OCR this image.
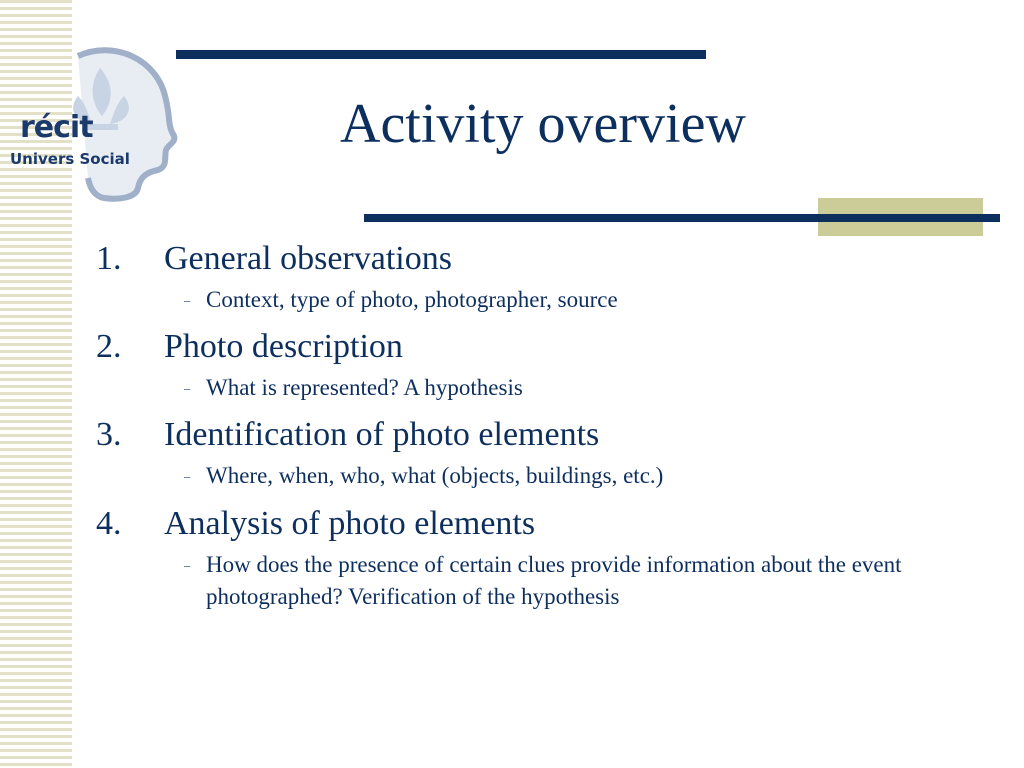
récit
Univers Social
Activity overview
1.	General observations
– Context, type of photo, photographer, source
2.	Photo description
– What is represented? A hypothesis
3.	Identification of photo elements
– Where, when, who, what (objects, buildings, etc.)
4.	Analysis of photo elements
– How does the presence of certain clues provide information about the event photographed? Verification of the hypothesis
